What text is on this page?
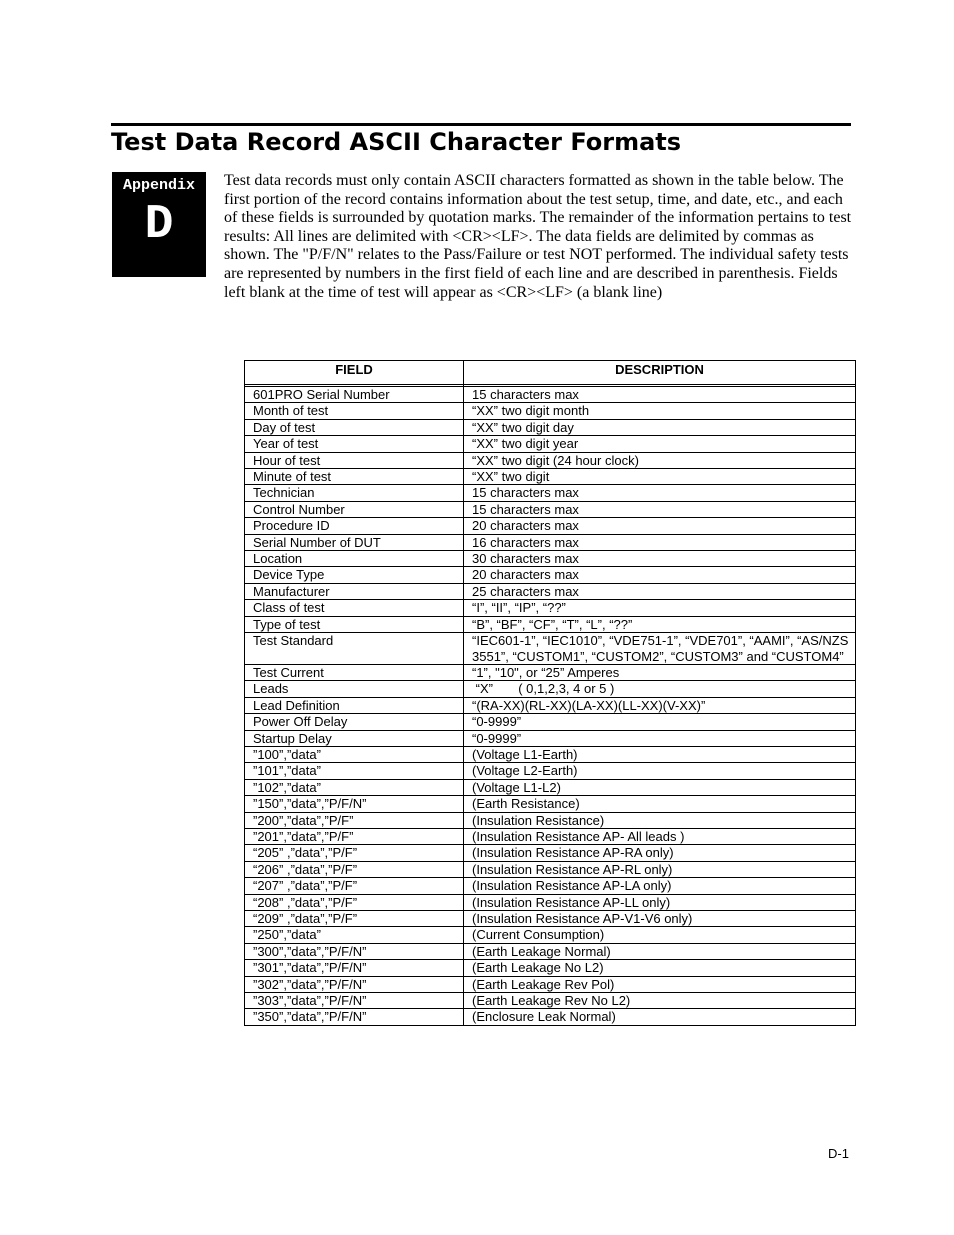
Test Data Record ASCII Character Formats
Appendix
D

Test data records must only contain ASCII characters formatted as shown in the table below. The first portion of the record contains information about the test setup, time, and date, etc., and each of these fields is surrounded by quotation marks. The remainder of the information pertains to test results: All lines are delimited with <CR><LF>. The data fields are delimited by commas as shown. The "P/F/N" relates to the Pass/Failure or test NOT performed. The individual safety tests are represented by numbers in the first field of each line and are described in parenthesis. Fields left blank at the time of test will appear as <CR><LF> (a blank line)

FIELD	DESCRIPTION

601PRO Serial Number	15 characters max
Month of test	“XX” two digit month
Day of test	“XX” two digit day
Year of test	“XX” two digit year
Hour of test	“XX” two digit (24 hour clock)
Minute of test	“XX” two digit
Technician	15 characters max
Control Number	15 characters max
Procedure ID	20 characters max
Serial Number of DUT	16 characters max
Location	30 characters max
Device Type	20 characters max
Manufacturer	25 characters max
Class of test	“I”, “II”, “IP”, “??”
Type of test	“B”, “BF”, “CF”, “T”, “L”, “??”
Test Standard	“IEC601-1”, “IEC1010”, “VDE751-1”, “VDE701”, “AAMI”, “AS/NZS 3551”, “CUSTOM1”, “CUSTOM2”, “CUSTOM3” and “CUSTOM4”
Test Current	“1”, "10", or “25” Amperes
Leads	“X”       ( 0,1,2,3, 4 or 5 )
Lead Definition	“(RA-XX)(RL-XX)(LA-XX)(LL-XX)(V-XX)”
Power Off Delay	“0-9999”
Startup Delay	“0-9999”
”100”,”data”	(Voltage L1-Earth)
”101”,”data”	(Voltage L2-Earth)
”102”,”data”	(Voltage L1-L2)
”150”,”data”,”P/F/N”	(Earth Resistance)
”200”,”data”,”P/F”	(Insulation Resistance)
”201”,”data”,”P/F”	(Insulation Resistance AP- All leads )
“205” ,”data”,”P/F”	(Insulation Resistance AP-RA only)
“206” ,”data”,”P/F”	(Insulation Resistance AP-RL only)
“207” ,”data”,”P/F”	(Insulation Resistance AP-LA only)
“208” ,”data”,”P/F”	(Insulation Resistance AP-LL only)
“209” ,”data”,”P/F”	(Insulation Resistance AP-V1-V6 only)
”250”,”data”	(Current Consumption)
”300”,”data”,”P/F/N”	(Earth Leakage Normal)
”301”,”data”,”P/F/N”	(Earth Leakage No L2)
”302”,”data”,”P/F/N”	(Earth Leakage Rev Pol)
”303”,”data”,”P/F/N”	(Earth Leakage Rev No L2)
”350”,”data”,”P/F/N”	(Enclosure Leak Normal)
D-1
